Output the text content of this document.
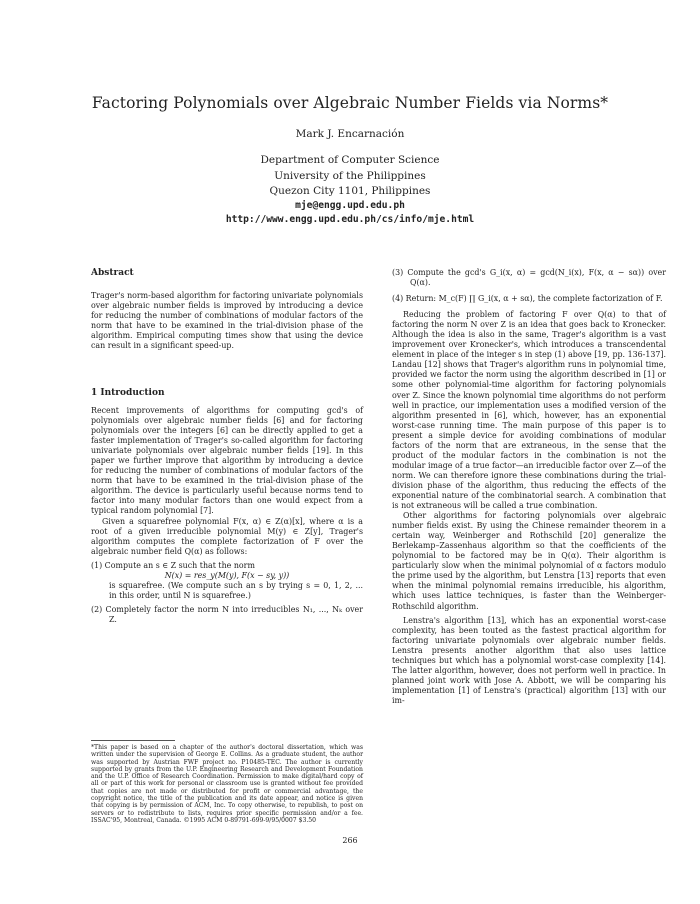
Factoring Polynomials over Algebraic Number Fields via Norms*
Mark J. Encarnación
Department of Computer Science
University of the Philippines
Quezon City 1101, Philippines
mje@engg.upd.edu.ph
http://www.engg.upd.edu.ph/cs/info/mje.html
Abstract

Trager's norm-based algorithm for factoring univariate polynomials over algebraic number fields is improved by introducing a device for reducing the number of combinations of modular factors of the norm that have to be examined in the trial-division phase of the algorithm. Empirical computing times show that using the device can result in a significant speed-up.

1 Introduction

Recent improvements of algorithms for computing gcd's of polynomials over algebraic number fields [6] and for factoring polynomials over the integers [6] can be directly applied to get a faster implementation of Trager's so-called algorithm for factoring univariate polynomials over algebraic number fields [19]. In this paper we further improve that algorithm by introducing a device for reducing the number of combinations of modular factors of the norm that have to be examined in the trial-division phase of the algorithm. The device is particularly useful because norms tend to factor into many modular factors than one would expect from a typical random polynomial [7].

Given a squarefree polynomial F(x, α) ∈ Z(α)[x], where α is a root of a given irreducible polynomial M(y) ∈ Z[y], Trager's algorithm computes the complete factorization of F over the algebraic number field Q(α) as follows:

(1) Compute an s ∈ Z such that the norm

N(x) = res_y(M(y), F(x − sy, y))

is squarefree. (We compute such an s by trying s = 0, 1, 2, ... in this order, until N is squarefree.)

(2) Completely factor the norm N into irreducibles N₁, ..., Nₖ over Z.

*This paper is based on a chapter of the author's doctoral dissertation, which was written under the supervision of George E. Collins. As a graduate student, the author was supported by Austrian FWF project no. P10485-TEC. The author is currently supported by grants from the U.P. Engineering Research and Development Foundation and the U.P. Office of Research Coordination. Permission to make digital/hard copy of all or part of this work for personal or classroom use is granted without fee provided that copies are not made or distributed for profit or commercial advantage, the copyright notice, the title of the publication and its date appear, and notice is given that copying is by permission of ACM, Inc. To copy otherwise, to republish, to post on servers or to redistribute to lists, requires prior specific permission and/or a fee. ISSAC'95, Montreal, Canada. ©1995 ACM 0-89791-699-9/95/0007 $3.50

(3) Compute the gcd's G_i(x, α) = gcd(N_i(x), F(x, α − sα)) over Q(α).

(4) Return: M_c(F) ∏ G_i(x, α + sα), the complete factorization of F.

Reducing the problem of factoring F over Q(α) to that of factoring the norm N over Z is an idea that goes back to Kronecker. Although the idea is also in the same, Trager's algorithm is a vast improvement over Kronecker's, which introduces a transcendental element in place of the integer s in step (1) above [19, pp. 136-137]. Landau [12] shows that Trager's algorithm runs in polynomial time, provided we factor the norm using the algorithm described in [1] or some other polynomial-time algorithm for factoring polynomials over Z. Since the known polynomial time algorithms do not perform well in practice, our implementation uses a modified version of the algorithm presented in [6], which, however, has an exponential worst-case running time. The main purpose of this paper is to present a simple device for avoiding combinations of modular factors of the norm that are extraneous, in the sense that the product of the modular factors in the combination is not the modular image of a true factor—an irreducible factor over Z—of the norm. We can therefore ignore these combinations during the trial-division phase of the algorithm, thus reducing the effects of the exponential nature of the combinatorial search. A combination that is not extraneous will be called a true combination.

Other algorithms for factoring polynomials over algebraic number fields exist. By using the Chinese remainder theorem in a certain way, Weinberger and Rothschild [20] generalize the Berlekamp–Zassenhaus algorithm so that the coefficients of the polynomial to be factored may be in Q(α). Their algorithm is particularly slow when the minimal polynomial of α factors modulo the prime used by the algorithm, but Lenstra [13] reports that even when the minimal polynomial remains irreducible, his algorithm, which uses lattice techniques, is faster than the Weinberger-Rothschild algorithm.

Lenstra's algorithm [13], which has an exponential worst-case complexity, has been touted as the fastest practical algorithm for factoring univariate polynomials over algebraic number fields. Lenstra presents another algorithm that also uses lattice techniques but which has a polynomial worst-case complexity [14]. The latter algorithm, however, does not perform well in practice. In planned joint work with Jose A. Abbott, we will be comparing his implementation [1] of Lenstra's (practical) algorithm [13] with our im-

266
